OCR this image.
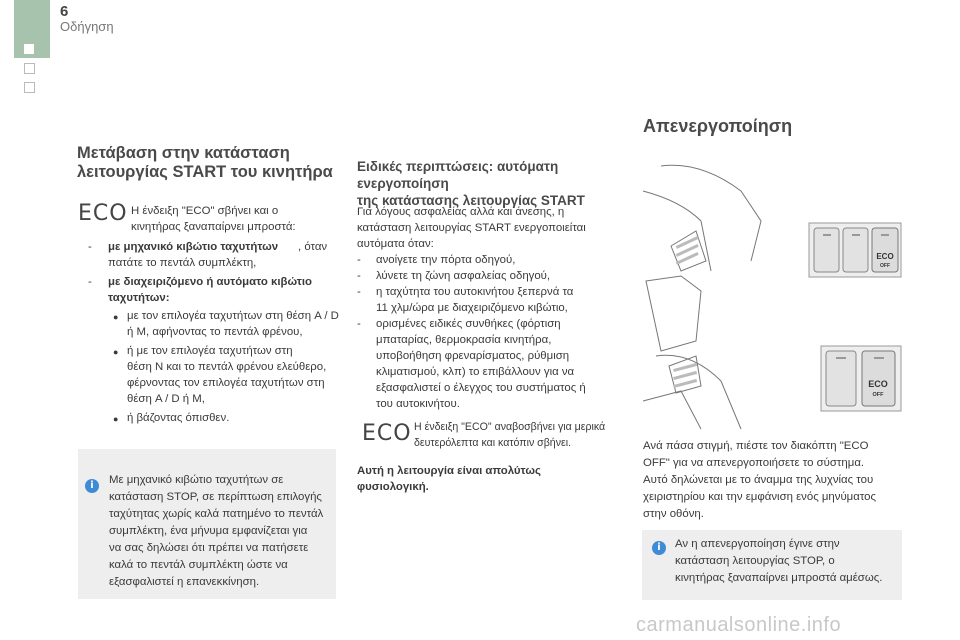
6
Οδήγηση
Μετάβαση στην κατάσταση
λειτουργίας START του κινητήρα
ECO Η ένδειξη "ECO" σβήνει και ο
κινητήρας ξαναπαίρνει μπροστά:
- με μηχανικό κιβώτιο ταχυτήτων , όταν
πατάτε το πεντάλ συμπλέκτη,
- με διαχειριζόμενο ή αυτόματο κιβώτιο
ταχυτήτων:
● με τον επιλογέα ταχυτήτων στη θέση A / D
ή M, αφήνοντας το πεντάλ φρένου,
● ή με τον επιλογέα ταχυτήτων στη
θέση N και το πεντάλ φρένου ελεύθερο,
φέρνοντας τον επιλογέα ταχυτήτων στη
θέση A / D ή M,
● ή βάζοντας όπισθεν.
i	Με μηχανικό κιβώτιο ταχυτήτων σε
κατάσταση STOP, σε περίπτωση επιλογής
ταχύτητας χωρίς καλά πατημένο το πεντάλ
συμπλέκτη, ένα μήνυμα εμφανίζεται για
να σας δηλώσει ότι πρέπει να πατήσετε
καλά το πεντάλ συμπλέκτη ώστε να
εξασφαλιστεί η επανεκκίνηση.
Ειδικές περιπτώσεις: αυτόματη ενεργοποίηση
της κατάστασης λειτουργίας START
Για λόγους ασφαλείας αλλά και άνεσης, η
κατάσταση λειτουργίας START ενεργοποιείται
αυτόματα όταν:
- ανοίγετε την πόρτα οδηγού,
- λύνετε τη ζώνη ασφαλείας οδηγού,
- η ταχύτητα του αυτοκινήτου ξεπερνά τα
11 χλμ/ώρα με διαχειριζόμενο κιβώτιο,
- ορισμένες ειδικές συνθήκες (φόρτιση
μπαταρίας, θερμοκρασία κινητήρα,
υποβοήθηση φρεναρίσματος, ρύθμιση
κλιματισμού, κλπ) το επιβάλλουν για να
εξασφαλιστεί ο έλεγχος του συστήματος ή
του αυτοκινήτου.
ECO Η ένδειξη "ECO" αναβοσβήνει για μερικά
δευτερόλεπτα και κατόπιν σβήνει.
Αυτή η λειτουργία είναι απολύτως
φυσιολογική.
Απενεργοποίηση
ECO
OFF
ECO
OFF
Ανά πάσα στιγμή, πιέστε τον διακόπτη "ECO
OFF" για να απενεργοποιήσετε το σύστημα.
Αυτό δηλώνεται με το άναμμα της λυχνίας του
χειριστηρίου και την εμφάνιση ενός μηνύματος
στην οθόνη.
i	Αν η απενεργοποίηση έγινε στην
κατάσταση λειτουργίας STOP, ο
κινητήρας ξαναπαίρνει μπροστά αμέσως.
carmanualsonline.info
